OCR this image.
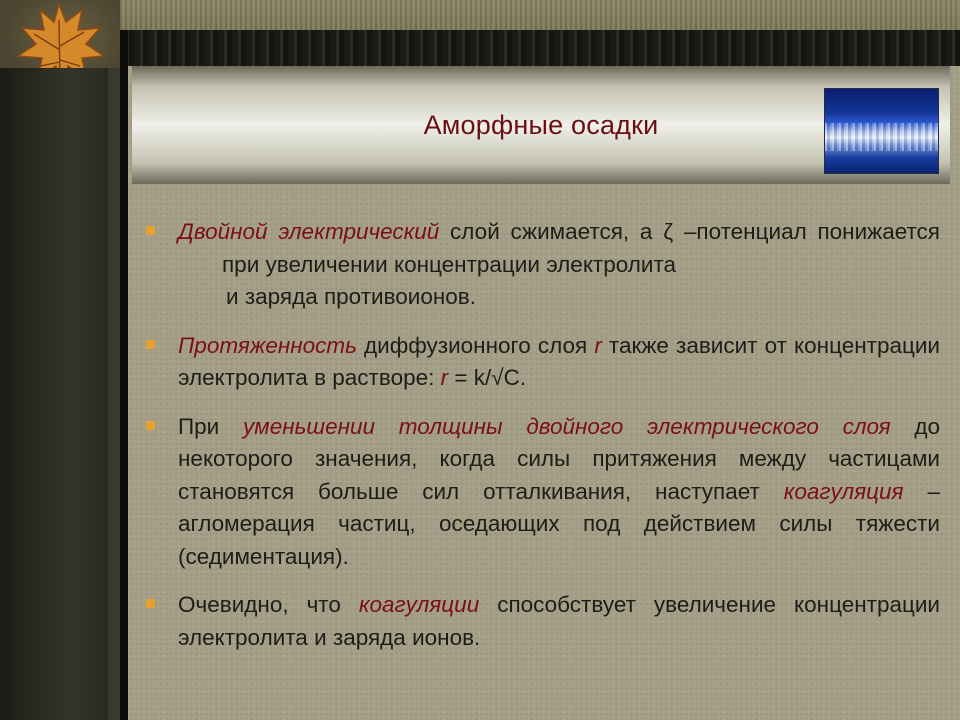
Аморфные осадки
Двойной электрический слой сжимается, а ζ –потенциал понижаетсяпри увеличении концентрации электролита
и заряда противоионов.
Протяженность диффузионного слоя r также зависит от концентрации электролита в растворе: r = k/√C.
При уменьшении толщины двойного электрического слоя до некоторого значения, когда силы притяжения между частицами становятся больше сил отталкивания, наступает коагуляция – агломерация частиц, оседающих под действием силы тяжести (седиментация).
Очевидно, что коагуляции способствует увеличение концентрации электролита и заряда ионов.
